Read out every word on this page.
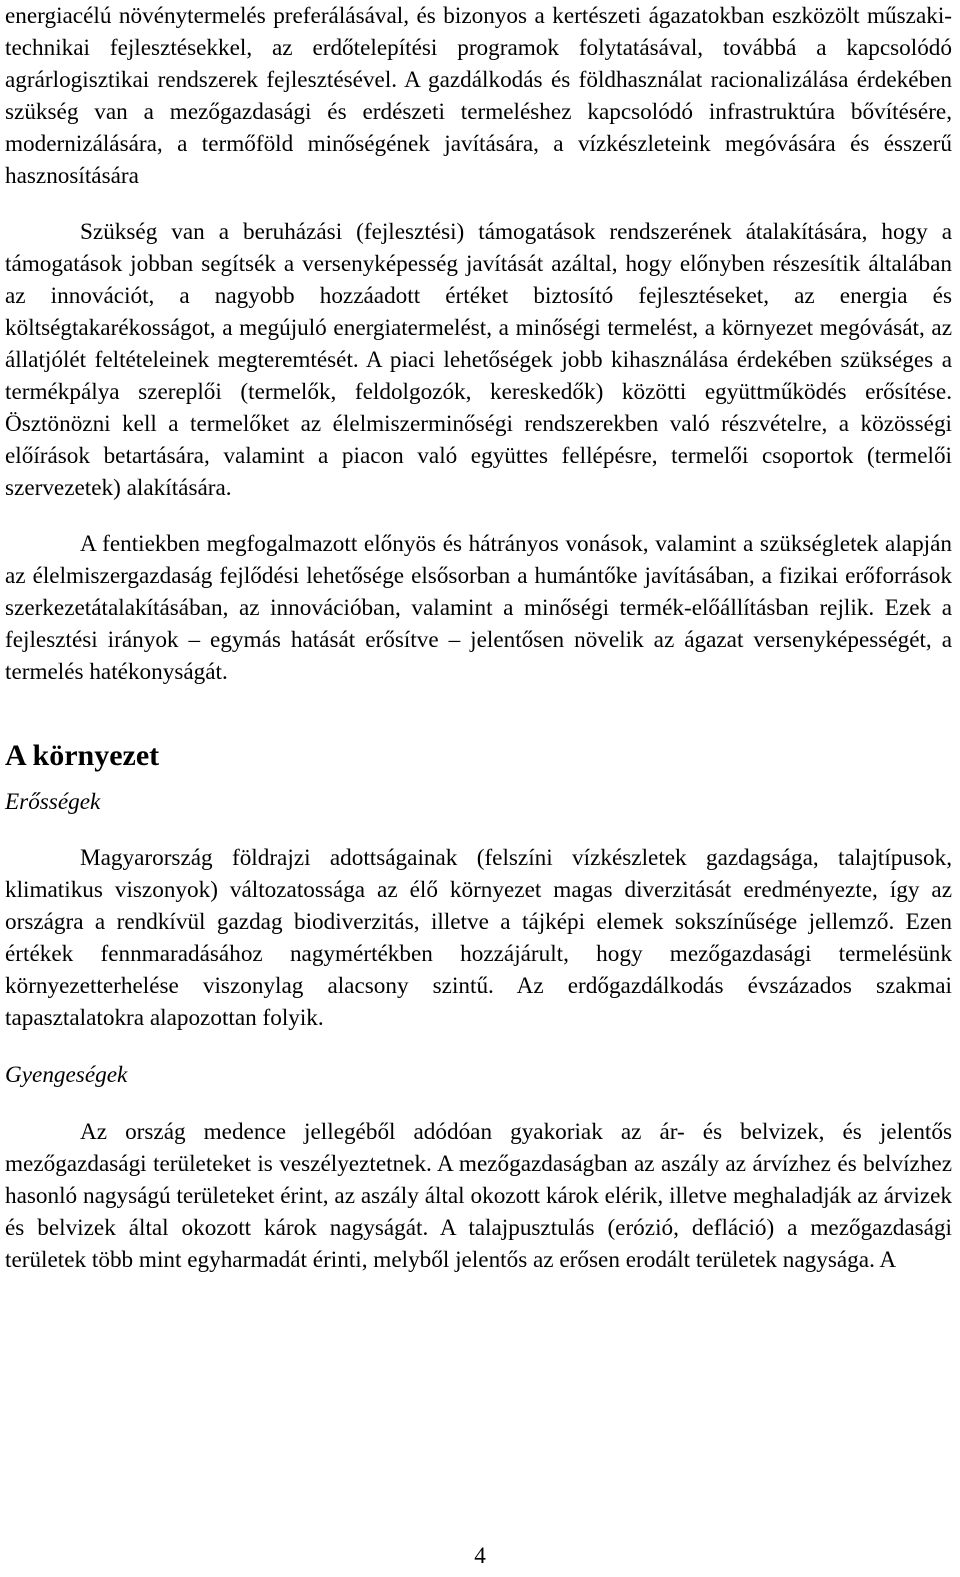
energiacélú növénytermelés preferálásával, és bizonyos a kertészeti ágazatokban eszközölt műszaki- technikai fejlesztésekkel, az erdőtelepítési programok folytatásával, továbbá a kapcsolódó agrárlogisztikai rendszerek fejlesztésével. A gazdálkodás és földhasználat racionalizálása érdekében szükség van a mezőgazdasági és erdészeti termeléshez kapcsolódó infrastruktúra bővítésére, modernizálására, a termőföld minőségének javítására, a vízkészleteink megóvására és ésszerű hasznosítására

Szükség van a beruházási (fejlesztési) támogatások rendszerének átalakítására, hogy a támogatások jobban segítsék a versenyképesség javítását azáltal, hogy előnyben részesítik általában az innovációt, a nagyobb hozzáadott értéket biztosító fejlesztéseket, az energia és költségtakarékosságot, a megújuló energiatermelést, a minőségi termelést, a környezet megóvását, az állatjólét feltételeinek megteremtését. A piaci lehetőségek jobb kihasználása érdekében szükséges a termékpálya szereplői (termelők, feldolgozók, kereskedők) közötti együttműködés erősítése. Ösztönözni kell a termelőket az élelmiszerminőségi rendszerekben való részvételre, a közösségi előírások betartására, valamint a piacon való együttes fellépésre, termelői csoportok (termelői szervezetek) alakítására.

A fentiekben megfogalmazott előnyös és hátrányos vonások, valamint a szükségletek alapján az élelmiszergazdaság fejlődési lehetősége elsősorban a humántőke javításában, a fizikai erőforrások szerkezetátalakításában, az innovációban, valamint a minőségi termék-előállításban rejlik. Ezek a fejlesztési irányok – egymás hatását erősítve – jelentősen növelik az ágazat versenyképességét, a termelés hatékonyságát.

A környezet

Erősségek

Magyarország földrajzi adottságainak (felszíni vízkészletek gazdagsága, talajtípusok, klimatikus viszonyok) változatossága az élő környezet magas diverzitását eredményezte, így az országra a rendkívül gazdag biodiverzitás, illetve a tájképi elemek sokszínűsége jellemző. Ezen értékek fennmaradásához nagymértékben hozzájárult, hogy mezőgazdasági termelésünk környezetterhelése viszonylag alacsony szintű. Az erdőgazdálkodás évszázados szakmai tapasztalatokra alapozottan folyik.

Gyengeségek

Az ország medence jellegéből adódóan gyakoriak az ár- és belvizek, és jelentős mezőgazdasági területeket is veszélyeztetnek. A mezőgazdaságban az aszály az árvízhez és belvízhez hasonló nagyságú területeket érint, az aszály által okozott károk elérik, illetve meghaladják az árvizek és belvizek által okozott károk nagyságát. A talajpusztulás (erózió, defláció) a mezőgazdasági területek több mint egyharmadát érinti, melyből jelentős az erősen erodált területek nagysága. A

4
